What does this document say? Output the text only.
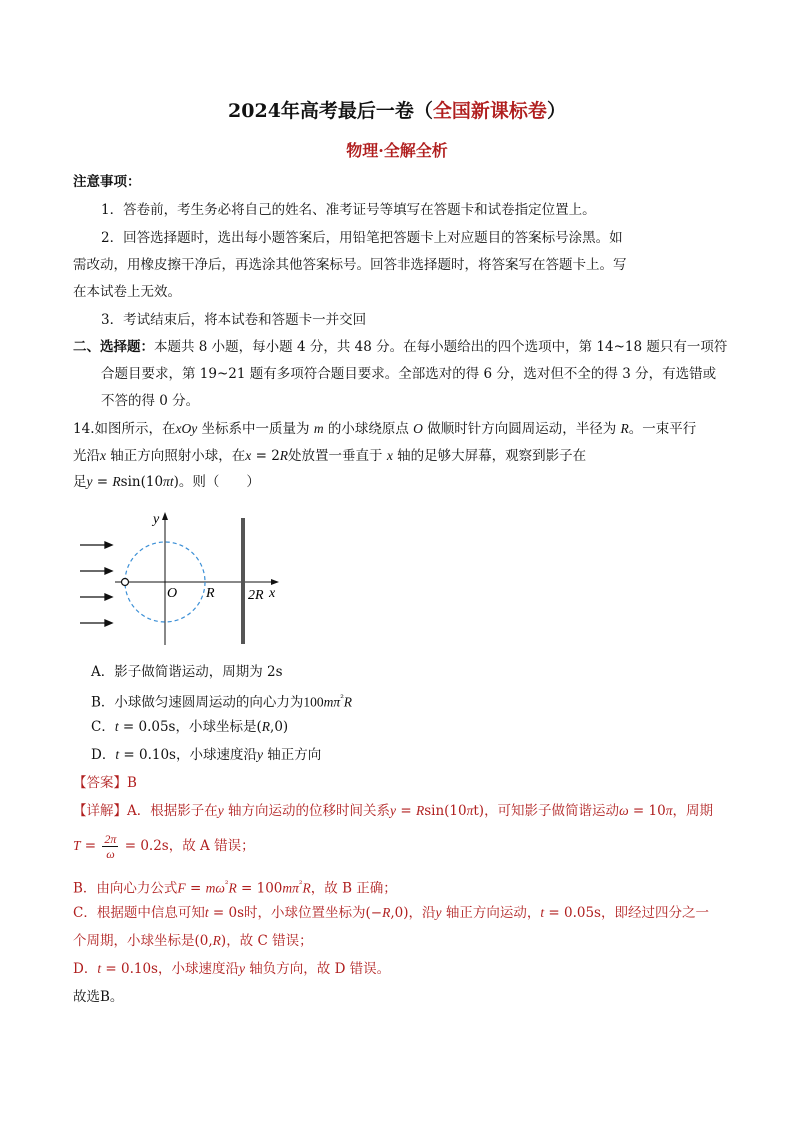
2024年高考最后一卷（全国新课标卷）
物理·全解全析
注意事项：
1．答卷前，考生务必将自己的姓名、准考证号等填写在答题卡和试卷指定位置上。
2．回答选择题时，选出每小题答案后，用铅笔把答题卡上对应题目的答案标号涂黑。如
需改动，用橡皮擦干净后，再选涂其他答案标号。回答非选择题时，将答案写在答题卡上。写
在本试卷上无效。
3．考试结束后，将本试卷和答题卡一并交回
二、选择题：本题共 8 小题，每小题 4 分，共 48 分。在每小题给出的四个选项中，第 14~18 题只有一项符
合题目要求，第 19~21 题有多项符合题目要求。全部选对的得 6 分，选对但不全的得 3 分，有选错或
不答的得 0 分。
14.如图所示，在xOy 坐标系中一质量为 m 的小球绕原点 O 做顺时针方向圆周运动，半径为 R。一束平行
光沿x 轴正方向照射小球，在x = 2R处放置一垂直于 x 轴的足够大屏幕，观察到影子在
足y = Rsin(10πt)。则（　　）
y
O R 2R x
A．影子做简谐运动，周期为 2s
B．小球做匀速圆周运动的向心力为$100m\pi^{^2}R$
C．t = 0.05s，小球坐标是(R,0)
D．t = 0.10s，小球速度沿y 轴正方向
【答案】B
【详解】A．根据影子在y 轴方向运动的位移时间关系y = Rsin(10πt)，可知影子做简谐运动ω = 10π，周期
$T = \frac{2\pi}{\omega} = 0.2s$，故 A 错误；
B．由向心力公式$F = m\omega^{^2}R = 100m\pi^{^2}R$，故 B 正确；
C．根据题中信息可知t = 0s时，小球位置坐标为(−R,0)，沿y 轴正方向运动，t = 0.05s，即经过四分之一
个周期，小球坐标是(0,R)，故 C 错误；
D．t = 0.10s，小球速度沿y 轴负方向，故 D 错误。
故选B。
